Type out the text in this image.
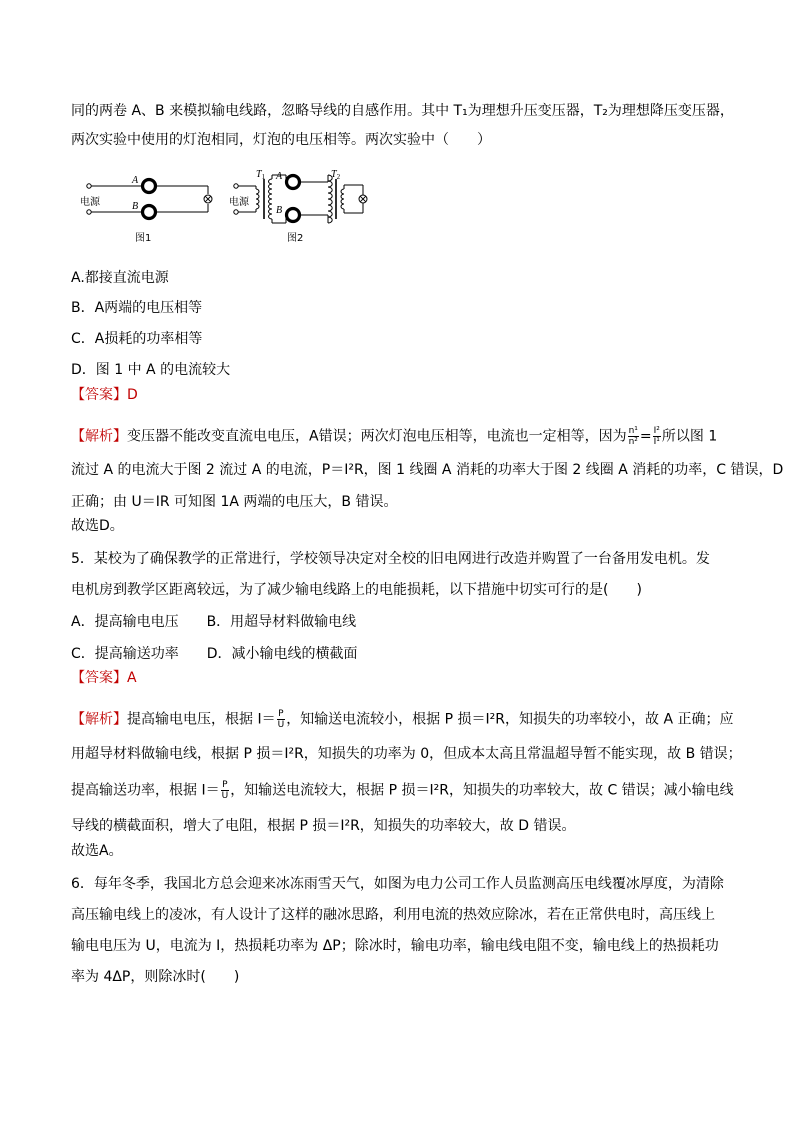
同的两卷 A、B 来模拟输电线路，忽略导线的自感作用。其中 T₁为理想升压变压器，T₂为理想降压变压器，
两次实验中使用的灯泡相同，灯泡的电压相等。两次实验中（　　）
A
B
A
B
$T_1$	$T_2$
电源	电源
图1	图2
A.都接直流电源
B．A两端的电压相等
C．A损耗的功率相等
D．图 1 中 A 的电流较大
【答案】D
【解析】变压器不能改变直流电电压，A错误；两次灯泡电压相等，电流也一定相等，因为 $\frac{\text{n¹}}{\text{n²}} = \frac{\text{I²}}{\text{I¹}}$ 所以图 1
流过 A 的电流大于图 2 流过 A 的电流，P＝I²R，图 1 线圈 A 消耗的功率大于图 2 线圈 A 消耗的功率，C 错误，D
正确；由 U＝IR 可知图 1A 两端的电压大，B 错误。
故选D。
5．某校为了确保教学的正常进行，学校领导决定对全校的旧电网进行改造并购置了一台备用发电机。发
电机房到教学区距离较远，为了减少输电线路上的电能损耗，以下措施中切实可行的是(　　)
A．提高输电电压　　B．用超导材料做输电线
C．提高输送功率　　D．减小输电线的横截面
【答案】A
【解析】提高输电电压，根据 $I= \frac{P}{U}$ ，知输送电流较小，根据 P 损＝I²R，知损失的功率较小，故 A 正确；应
用超导材料做输电线，根据 P 损＝I²R，知损失的功率为 0，但成本太高且常温超导暂不能实现，故 B 错误；
提高输送功率，根据 $I= \frac{P}{U}$ ，知输送电流较大，根据 P 损＝I²R，知损失的功率较大，故 C 错误；减小输电线
导线的横截面积，增大了电阻，根据 P 损＝I²R，知损失的功率较大，故 D 错误。
故选A。
6．每年冬季，我国北方总会迎来冰冻雨雪天气，如图为电力公司工作人员监测高压电线覆冰厚度，为清除
高压输电线上的凌冰，有人设计了这样的融冰思路，利用电流的热效应除冰，若在正常供电时，高压线上
输电电压为 U，电流为 I，热损耗功率为 ΔP；除冰时，输电功率，输电线电阻不变，输电线上的热损耗功
率为 4ΔP，则除冰时(　　)
